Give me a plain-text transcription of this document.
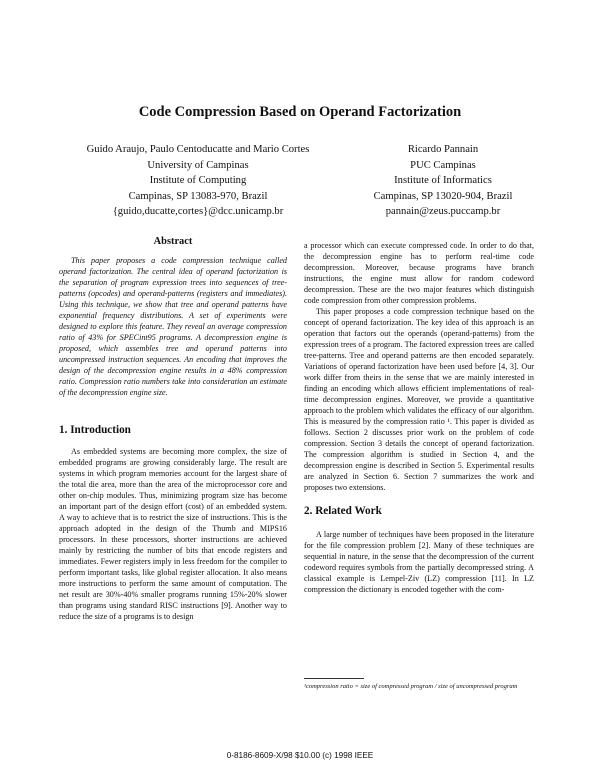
Code Compression Based on Operand Factorization
Guido Araujo, Paulo Centoducatte and Mario Cortes
University of Campinas
Institute of Computing
Campinas, SP 13083-970, Brazil
{guido,ducatte,cortes}@dcc.unicamp.br
Ricardo Pannain
PUC Campinas
Institute of Informatics
Campinas, SP 13020-904, Brazil
pannain@zeus.puccamp.br
Abstract

This paper proposes a code compression technique called operand factorization. The central idea of operand factorization is the separation of program expression trees into sequences of tree-patterns (opcodes) and operand-patterns (registers and immediates). Using this technique, we show that tree and operand patterns have exponential frequency distributions. A set of experiments were designed to explore this feature. They reveal an average compression ratio of 43% for SPECint95 programs. A decompression engine is proposed, which assembles tree and operand patterns into uncompressed instruction sequences. An encoding that improves the design of the decompression engine results in a 48% compression ratio. Compression ratio numbers take into consideration an estimate of the decompression engine size.

1. Introduction

As embedded systems are becoming more complex, the size of embedded programs are growing considerably large. The result are systems in which program memories account for the largest share of the total die area, more than the area of the microprocessor core and other on-chip modules. Thus, minimizing program size has become an important part of the design effort (cost) of an embedded system. A way to achieve that is to restrict the size of instructions. This is the approach adopted in the design of the Thumb and MIPS16 processors. In these processors, shorter instructions are achieved mainly by restricting the number of bits that encode registers and immediates. Fewer registers imply in less freedom for the compiler to perform important tasks, like global register allocation. It also means more instructions to perform the same amount of computation. The net result are 30%-40% smaller programs running 15%-20% slower than programs using standard RISC instructions [9]. Another way to reduce the size of a programs is to design

a processor which can execute compressed code. In order to do that, the decompression engine has to perform real-time code decompression. Moreover, because programs have branch instructions, the engine must allow for random codeword decompression. These are the two major features which distinguish code compression from other compression problems.

This paper proposes a code compression technique based on the concept of operand factorization. The key idea of this approach is an operation that factors out the operands (operand-patterns) from the expression trees of a program. The factored expression trees are called tree-patterns. Tree and operand patterns are then encoded separately. Variations of operand factorization have been used before [4, 3]. Our work differ from theirs in the sense that we are mainly interested in finding an encoding which allows efficient implementations of real-time decompression engines. Moreover, we provide a quantitative approach to the problem which validates the efficacy of our algorithm. This is measured by the compression ratio ¹. This paper is divided as follows. Section 2 discusses prior work on the problem of code compression. Section 3 details the concept of operand factorization. The compression algorithm is studied in Section 4, and the decompression engine is described in Section 5. Experimental results are analyzed in Section 6. Section 7 summarizes the work and proposes two extensions.

2. Related Work

A large number of techniques have been proposed in the literature for the file compression problem [2]. Many of these techniques are sequential in nature, in the sense that the decompression of the current codeword requires symbols from the partially decompressed string. A classical example is Lempel-Ziv (LZ) compression [11]. In LZ compression the dictionary is encoded together with the com-

¹compression ratio = size of compressed program / size of uncompressed program
0-8186-8609-X/98 $10.00 (c) 1998 IEEE
